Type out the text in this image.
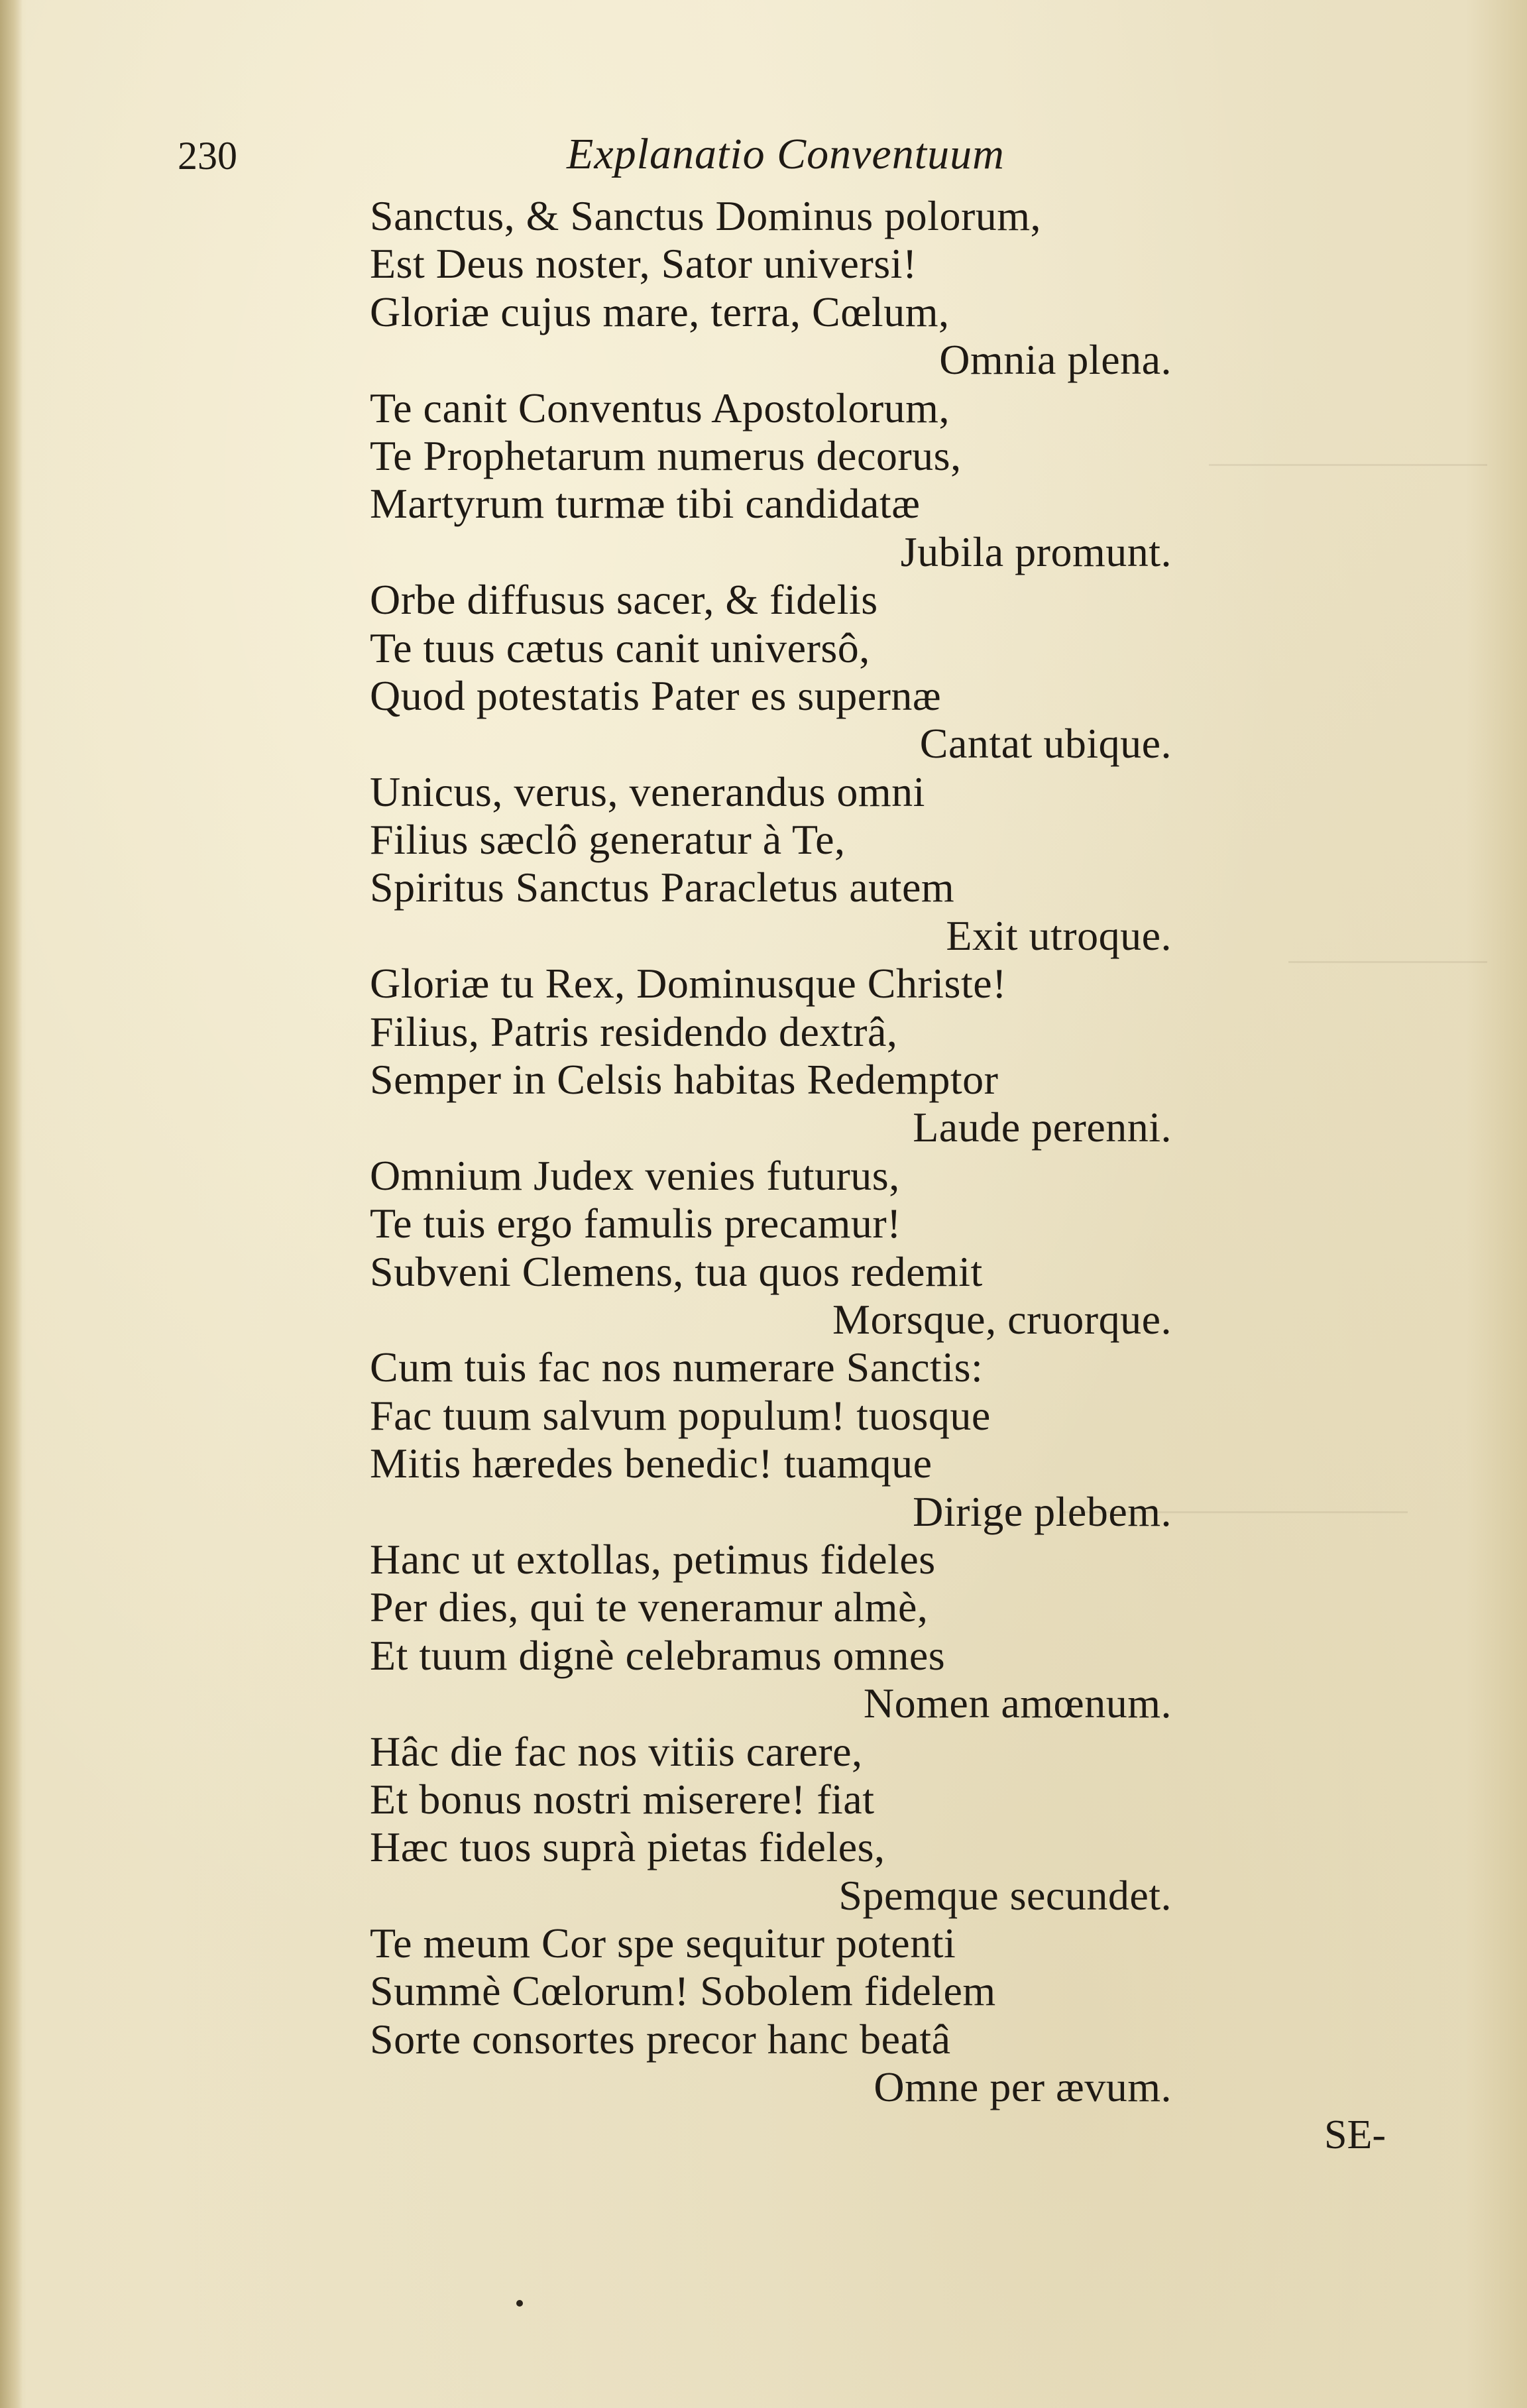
230	Explanatio Conventuum
Sanctus, & Sanctus Dominus polorum,
Est Deus noster, Sator universi!
Gloriæ cujus mare, terra, Cœlum,
Omnia plena.
Te canit Conventus Apostolorum,
Te Prophetarum numerus decorus,
Martyrum turmæ tibi candidatæ
Jubila promunt.
Orbe diffusus sacer, & fidelis
Te tuus cætus canit universô,
Quod potestatis Pater es supernæ
Cantat ubique.
Unicus, verus, venerandus omni
Filius sæclô generatur à Te,
Spiritus Sanctus Paracletus autem
Exit utroque.
Gloriæ tu Rex, Dominusque Christe!
Filius, Patris residendo dextrâ,
Semper in Celsis habitas Redemptor
Laude perenni.
Omnium Judex venies futurus,
Te tuis ergo famulis precamur!
Subveni Clemens, tua quos redemit
Morsque, cruorque.
Cum tuis fac nos numerare Sanctis:
Fac tuum salvum populum! tuosque
Mitis hæredes benedic! tuamque
Dirige plebem.
Hanc ut extollas, petimus fideles
Per dies, qui te veneramur almè,
Et tuum dignè celebramus omnes
Nomen amœnum.
Hâc die fac nos vitiis carere,
Et bonus nostri miserere! fiat
Hæc tuos suprà pietas fideles,
Spemque secundet.
Te meum Cor spe sequitur potenti
Summè Cœlorum! Sobolem fidelem
Sorte consortes precor hanc beatâ
Omne per ævum.
SE-
